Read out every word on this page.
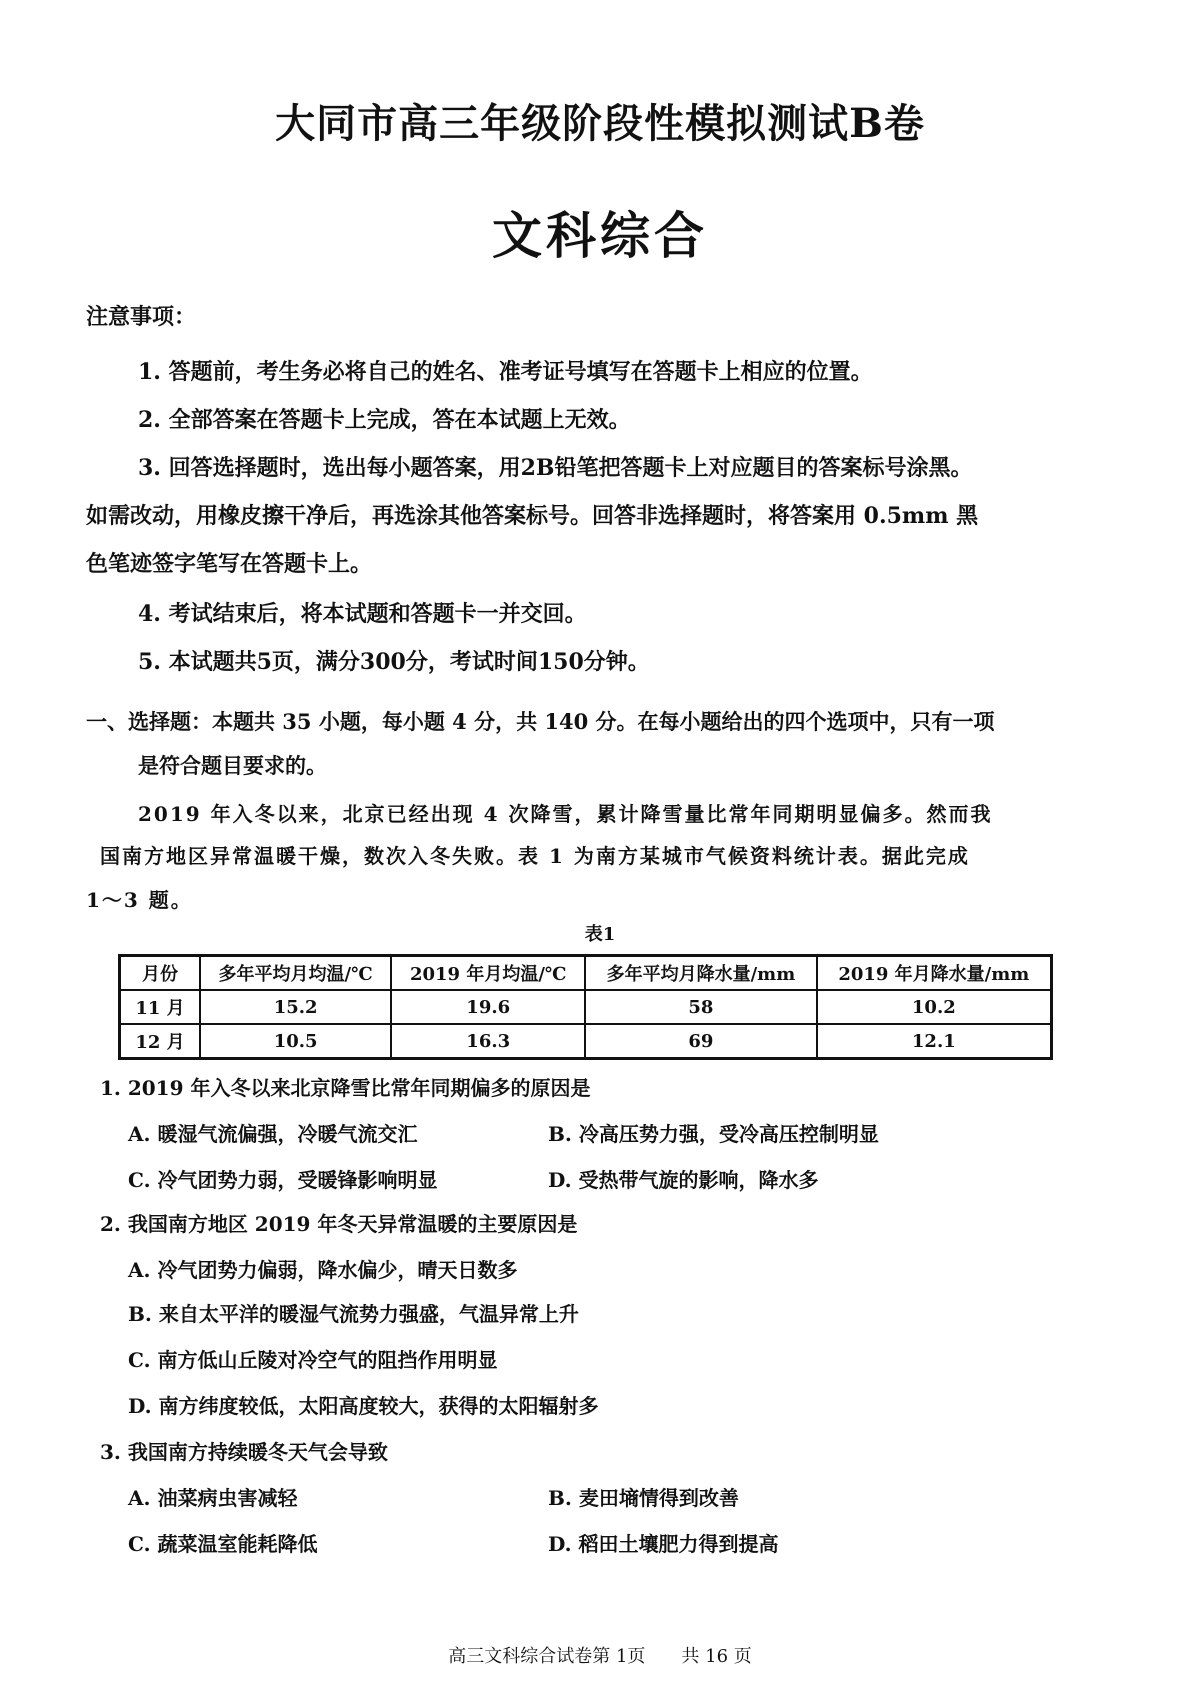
大同市高三年级阶段性模拟测试B卷
文科综合
注意事项：
1. 答题前，考生务必将自己的姓名、准考证号填写在答题卡上相应的位置。
2. 全部答案在答题卡上完成，答在本试题上无效。
3. 回答选择题时，选出每小题答案，用2B铅笔把答题卡上对应题目的答案标号涂黑。
如需改动，用橡皮擦干净后，再选涂其他答案标号。回答非选择题时，将答案用 0.5mm 黑
色笔迹签字笔写在答题卡上。
4. 考试结束后，将本试题和答题卡一并交回。
5. 本试题共5页，满分300分，考试时间150分钟。
一、选择题：本题共 35 小题，每小题 4 分，共 140 分。在每小题给出的四个选项中，只有一项
是符合题目要求的。
2019 年入冬以来，北京已经出现 4 次降雪，累计降雪量比常年同期明显偏多。然而我
国南方地区异常温暖干燥，数次入冬失败。表 1 为南方某城市气候资料统计表。据此完成
1～3 题。
表1
月份	多年平均月均温/℃	2019 年月均温/℃	多年平均月降水量/mm	2019 年月降水量/mm
11 月	15.2	19.6	58	10.2
12 月	10.5	16.3	69	12.1
1. 2019 年入冬以来北京降雪比常年同期偏多的原因是
A. 暖湿气流偏强，冷暖气流交汇	B. 冷高压势力强，受冷高压控制明显
C. 冷气团势力弱，受暖锋影响明显	D. 受热带气旋的影响，降水多
2. 我国南方地区 2019 年冬天异常温暖的主要原因是
A. 冷气团势力偏弱，降水偏少，晴天日数多
B. 来自太平洋的暖湿气流势力强盛，气温异常上升
C. 南方低山丘陵对冷空气的阻挡作用明显
D. 南方纬度较低，太阳高度较大，获得的太阳辐射多
3. 我国南方持续暖冬天气会导致
A. 油菜病虫害减轻	B. 麦田墒情得到改善
C. 蔬菜温室能耗降低	D. 稻田土壤肥力得到提高
高三文科综合试卷第 1页　　共 16 页
